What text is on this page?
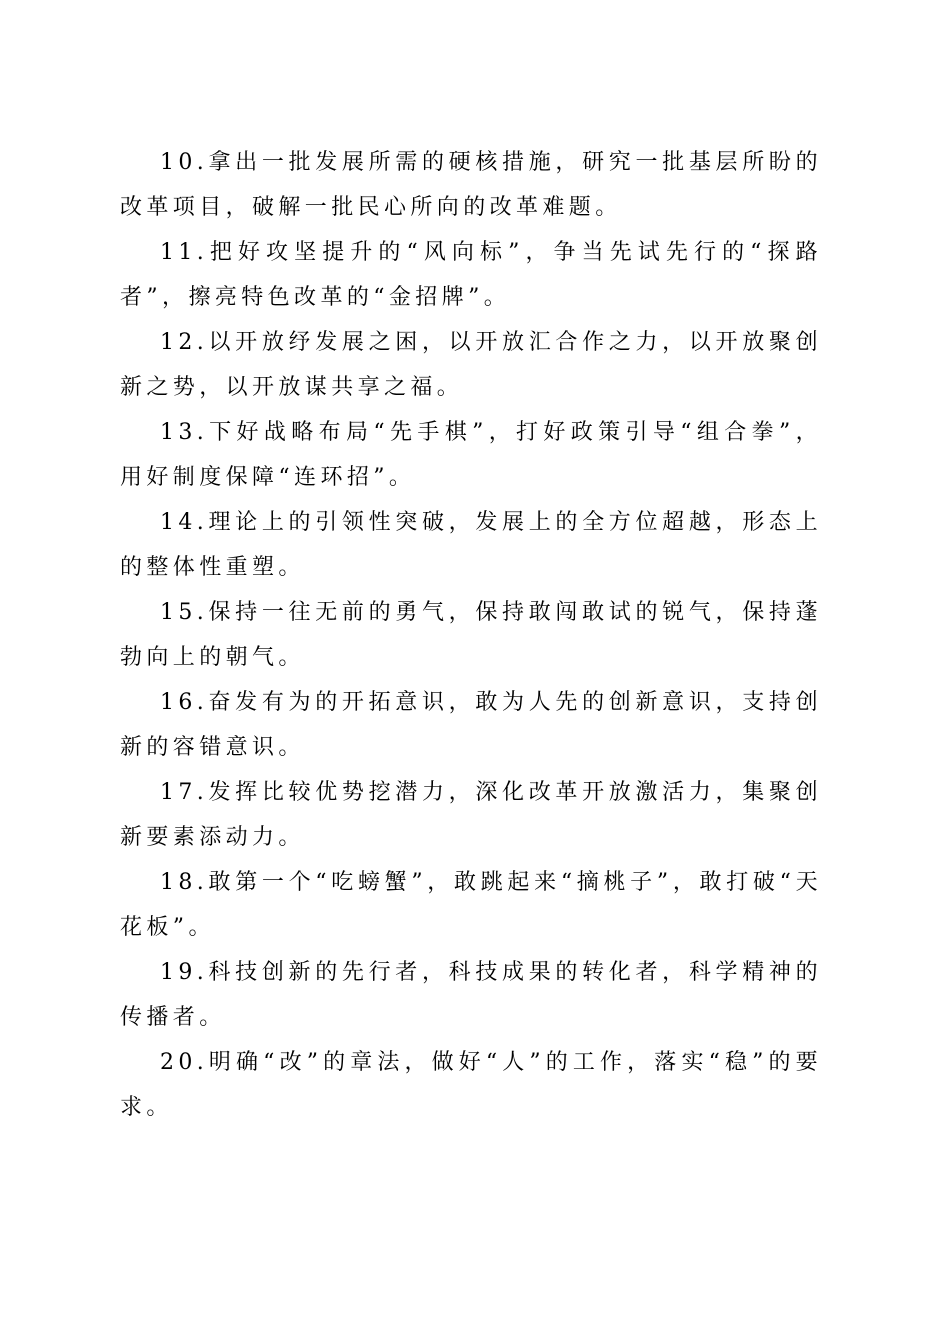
10.拿出一批发展所需的硬核措施，研究一批基层所盼的改革项目，破解一批民心所向的改革难题。

11.把好攻坚提升的“风向标”，争当先试先行的“探路者”，擦亮特色改革的“金招牌”。

12.以开放纾发展之困，以开放汇合作之力，以开放聚创新之势，以开放谋共享之福。

13.下好战略布局“先手棋”，打好政策引导“组合拳”，用好制度保障“连环招”。

14.理论上的引领性突破，发展上的全方位超越，形态上的整体性重塑。

15.保持一往无前的勇气，保持敢闯敢试的锐气，保持蓬勃向上的朝气。

16.奋发有为的开拓意识，敢为人先的创新意识，支持创新的容错意识。

17.发挥比较优势挖潜力，深化改革开放激活力，集聚创新要素添动力。

18.敢第一个“吃螃蟹”，敢跳起来“摘桃子”，敢打破“天花板”。

19.科技创新的先行者，科技成果的转化者，科学精神的传播者。

20.明确“改”的章法，做好“人”的工作，落实“稳”的要求。
